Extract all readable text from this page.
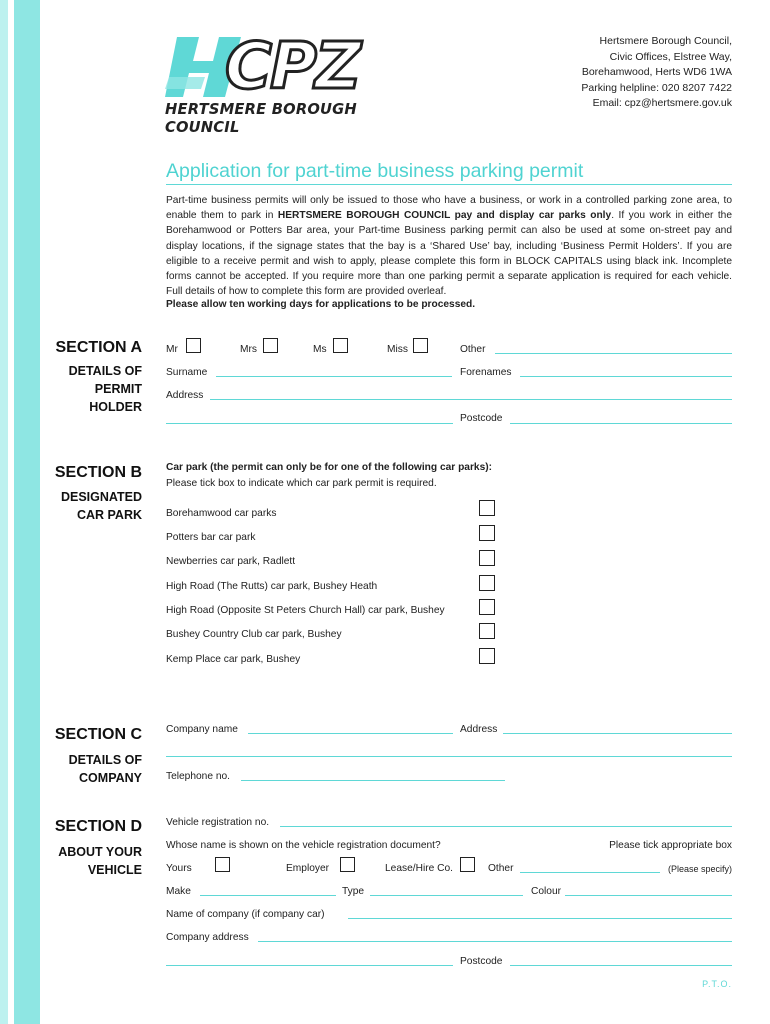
CPZ
HERTSMERE BOROUGH COUNCIL
Hertsmere Borough Council,
Civic Offices, Elstree Way,
Borehamwood, Herts WD6 1WA
Parking helpline: 020 8207 7422
Email: cpz@hertsmere.gov.uk
Application for part-time business parking permit
Part-time business permits will only be issued to those who have a business, or work in a controlled parking zone area, to enable them to park in HERTSMERE BOROUGH COUNCIL pay and display car parks only. If you work in either the Borehamwood or Potters Bar area, your Part-time Business parking permit can also be used at some on-street pay and display locations, if the signage states that the bay is a ‘Shared Use’ bay, including ‘Business Permit Holders’. If you are eligible to a receive permit and wish to apply, please complete this form in BLOCK CAPITALS using black ink. Incomplete forms cannot be accepted. If you require more than one parking permit a separate application is required for each vehicle. Full details of how to complete this form are provided overleaf.
Please allow ten working days for applications to be processed.
SECTION A
DETAILS OF
PERMIT
HOLDER
Mr	Mrs	Ms	Miss	Other
Surname	Forenames
Address
Postcode
SECTION B
DESIGNATED
CAR PARK
Car park (the permit can only be for one of the following car parks):
Please tick box to indicate which car park permit is required.
Borehamwood car parks
Potters bar car park
Newberries car park, Radlett
High Road (The Rutts) car park, Bushey Heath
High Road (Opposite St Peters Church Hall) car park, Bushey
Bushey Country Club car park, Bushey
Kemp Place car park, Bushey
SECTION C
DETAILS OF
COMPANY
Company name	Address
Telephone no.
SECTION D
ABOUT YOUR
VEHICLE
Vehicle registration no.
Whose name is shown on the vehicle registration document?	Please tick appropriate box
Yours	Employer	Lease/Hire Co.	Other	(Please specify)
Make	Type	Colour
Name of company (if company car)
Company address
Postcode
P.T.O.
